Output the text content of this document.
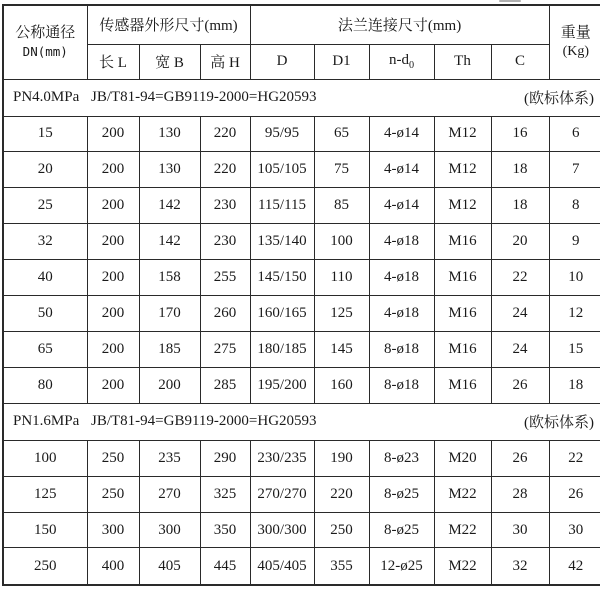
公称通径
DN(mm)
	传感器外形尺寸(mm)	法兰连接尺寸(mm)	重量
(Kg)

	长 L	宽 B	高 H	D	D1	$n-d_0$	Th	C	

PN4.0MPa JB/T81-94=GB9119-2000=HG20593 (欧标体系)									

15	200	130	220	95/95	65	4-ø14	M12	16	6
20	200	130	220	105/105	75	4-ø14	M12	18	7
25	200	142	230	115/115	85	4-ø14	M12	18	8
32	200	142	230	135/140	100	4-ø18	M16	20	9
40	200	158	255	145/150	110	4-ø18	M16	22	10
50	200	170	260	160/165	125	4-ø18	M16	24	12
65	200	185	275	180/185	145	8-ø18	M16	24	15
80	200	200	285	195/200	160	8-ø18	M16	26	18

PN1.6MPa JB/T81-94=GB9119-2000=HG20593 (欧标体系)									

100	250	235	290	230/235	190	8-ø23	M20	26	22
125	250	270	325	270/270	220	8-ø25	M22	28	26
150	300	300	350	300/300	250	8-ø25	M22	30	30
250	400	405	445	405/405	355	12-ø25	M22	32	42
